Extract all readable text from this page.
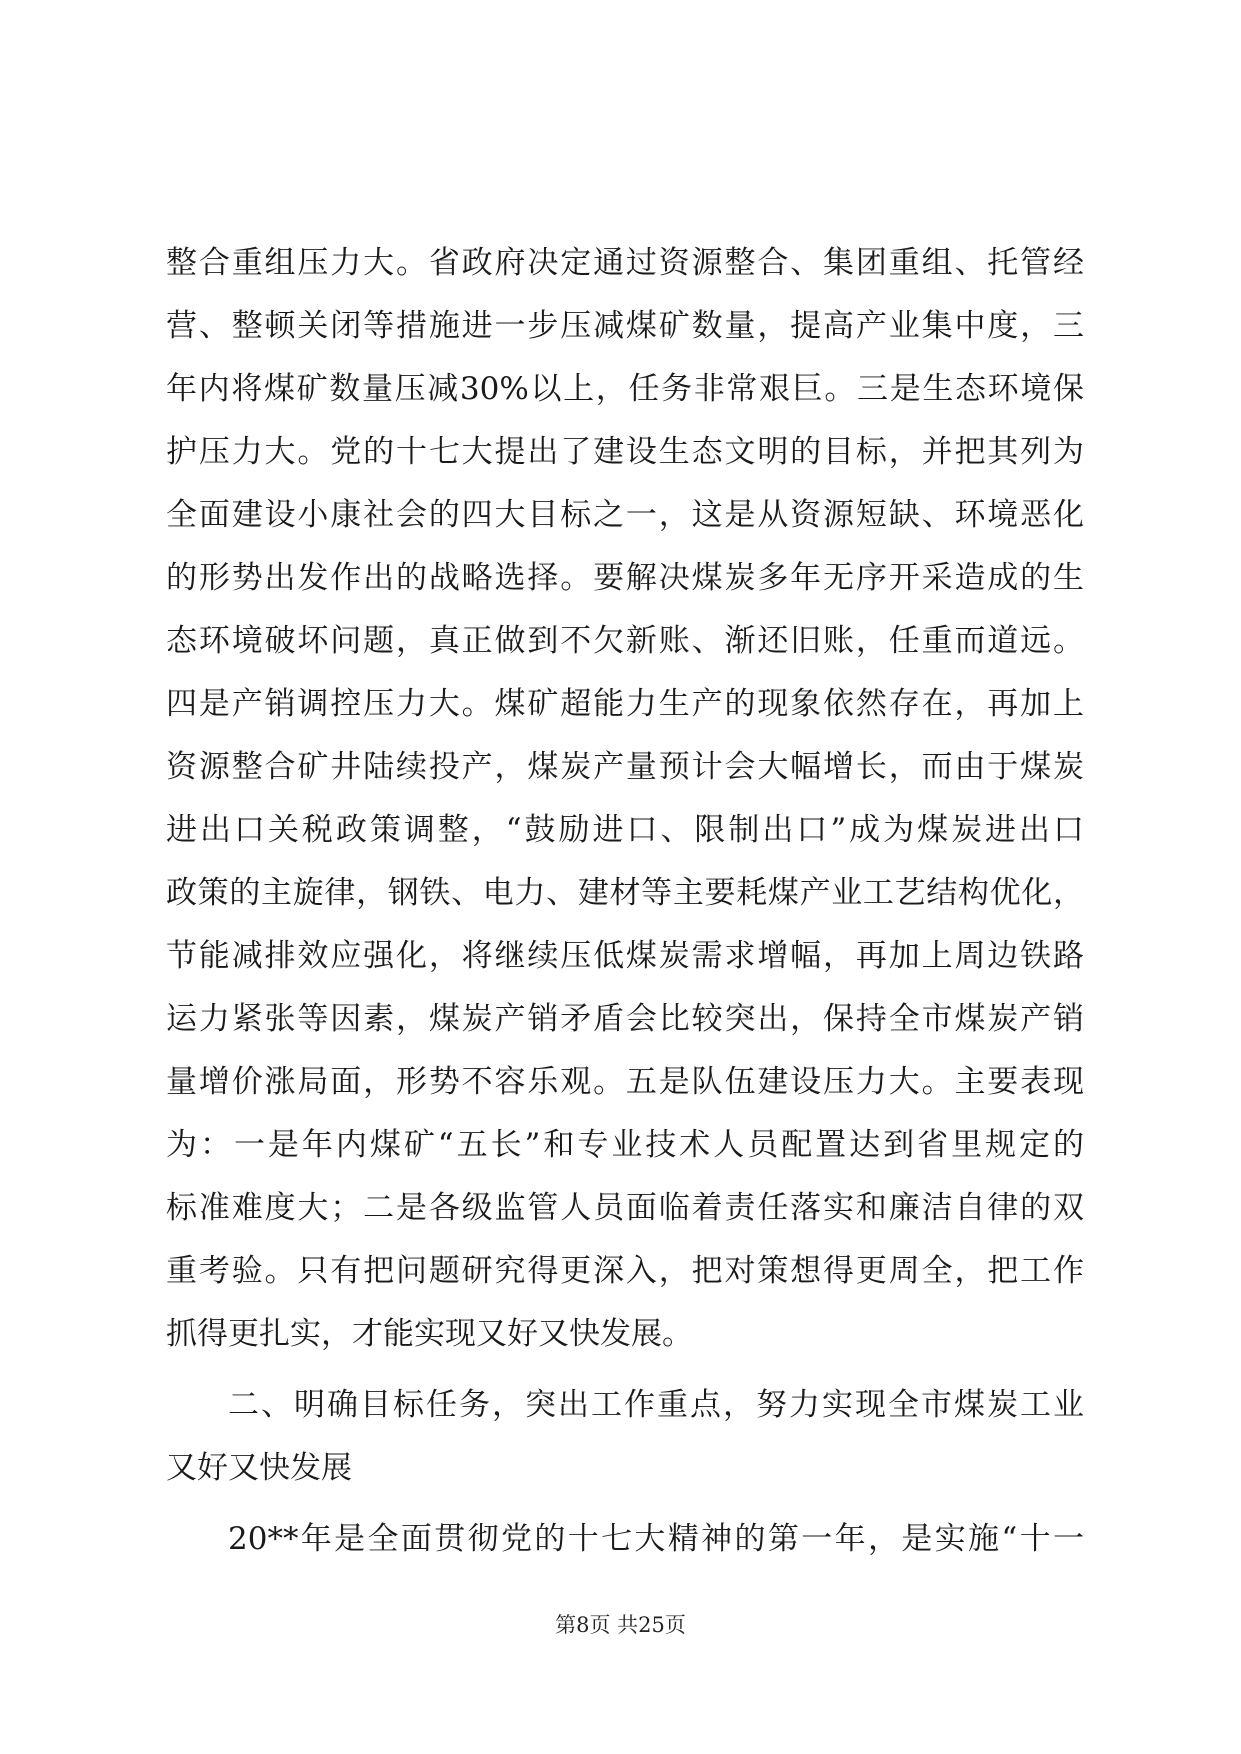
整合重组压力大。省政府决定通过资源整合、集团重组、托管经
营、整顿关闭等措施进一步压减煤矿数量，提高产业集中度，三
年内将煤矿数量压减30%以上，任务非常艰巨。三是生态环境保
护压力大。党的十七大提出了建设生态文明的目标，并把其列为
全面建设小康社会的四大目标之一，这是从资源短缺、环境恶化
的形势出发作出的战略选择。要解决煤炭多年无序开采造成的生
态环境破坏问题，真正做到不欠新账、渐还旧账，任重而道远。
四是产销调控压力大。煤矿超能力生产的现象依然存在，再加上
资源整合矿井陆续投产，煤炭产量预计会大幅增长，而由于煤炭
进出口关税政策调整，“鼓励进口、限制出口”成为煤炭进出口
政策的主旋律，钢铁、电力、建材等主要耗煤产业工艺结构优化，
节能减排效应强化，将继续压低煤炭需求增幅，再加上周边铁路
运力紧张等因素，煤炭产销矛盾会比较突出，保持全市煤炭产销
量增价涨局面，形势不容乐观。五是队伍建设压力大。主要表现
为：一是年内煤矿“五长”和专业技术人员配置达到省里规定的
标准难度大；二是各级监管人员面临着责任落实和廉洁自律的双
重考验。只有把问题研究得更深入，把对策想得更周全，把工作
抓得更扎实，才能实现又好又快发展。
二、明确目标任务，突出工作重点，努力实现全市煤炭工业
又好又快发展
20**年是全面贯彻党的十七大精神的第一年，是实施“十一
第8页 共25页
